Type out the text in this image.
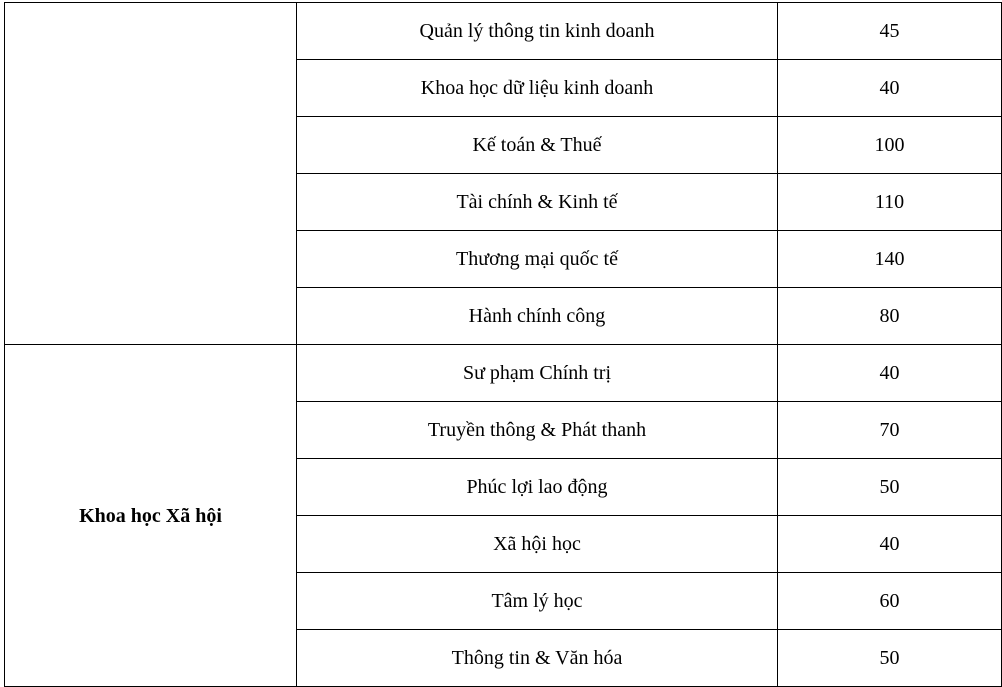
	Quản lý thông tin kinh doanh	45
	Khoa học dữ liệu kinh doanh	40
	Kế toán & Thuế	100
	Tài chính & Kinh tế	110
	Thương mại quốc tế	140
	Hành chính công	80
Khoa học Xã hội	Sư phạm Chính trị	40
	Truyền thông & Phát thanh	70
	Phúc lợi lao động	50
	Xã hội học	40
	Tâm lý học	60
	Thông tin & Văn hóa	50
